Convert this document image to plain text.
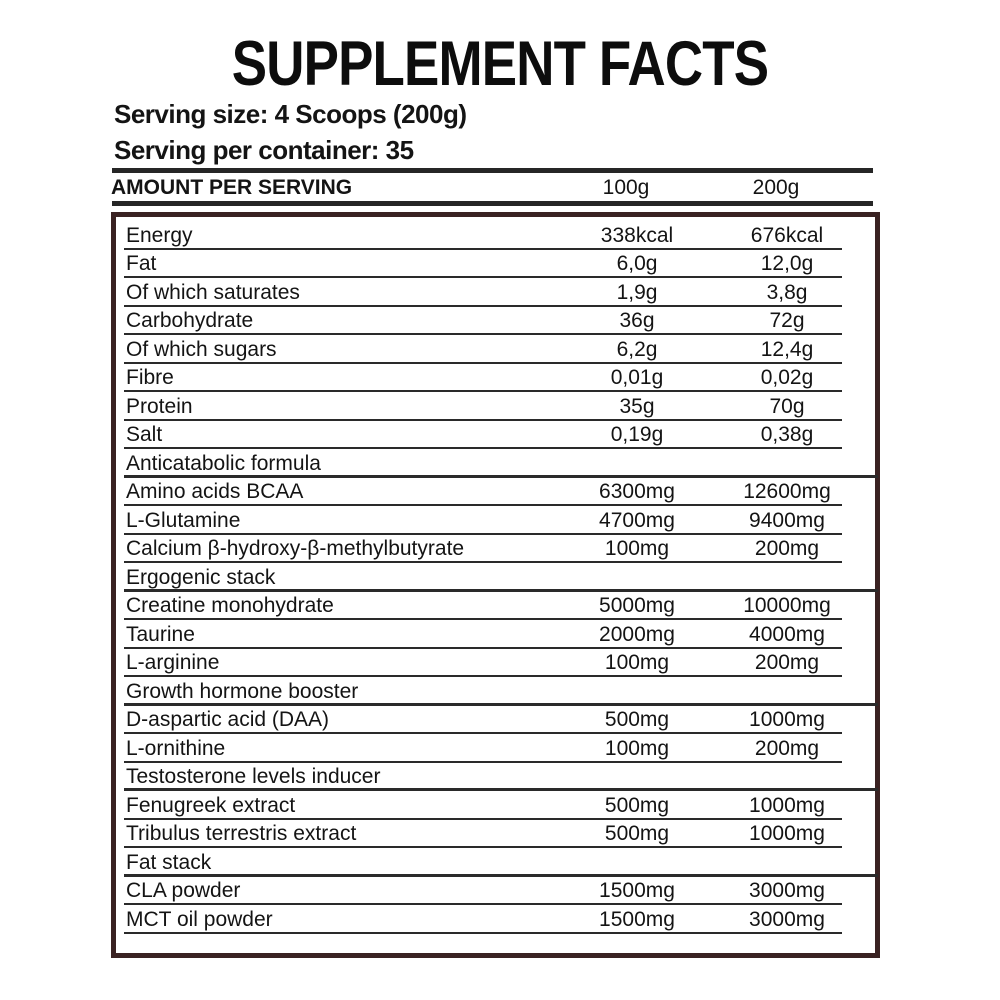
SUPPLEMENT FACTS
Serving size: 4 Scoops (200g)
Serving per container: 35
AMOUNT PER SERVING	100g	200g
Energy	338kcal	676kcal
Fat	6,0g	12,0g
Of which saturates	1,9g	3,8g
Carbohydrate	36g	72g
Of which sugars	6,2g	12,4g
Fibre	0,01g	0,02g
Protein	35g	70g
Salt	0,19g	0,38g
Anticatabolic formula
Amino acids BCAA	6300mg	12600mg
L-Glutamine	4700mg	9400mg
Calcium β-hydroxy-β-methylbutyrate	100mg	200mg
Ergogenic stack
Creatine monohydrate	5000mg	10000mg
Taurine	2000mg	4000mg
L-arginine	100mg	200mg
Growth hormone booster
D-aspartic acid (DAA)	500mg	1000mg
L-ornithine	100mg	200mg
Testosterone levels inducer
Fenugreek extract	500mg	1000mg
Tribulus terrestris extract	500mg	1000mg
Fat stack
CLA powder	1500mg	3000mg
MCT oil powder	1500mg	3000mg
